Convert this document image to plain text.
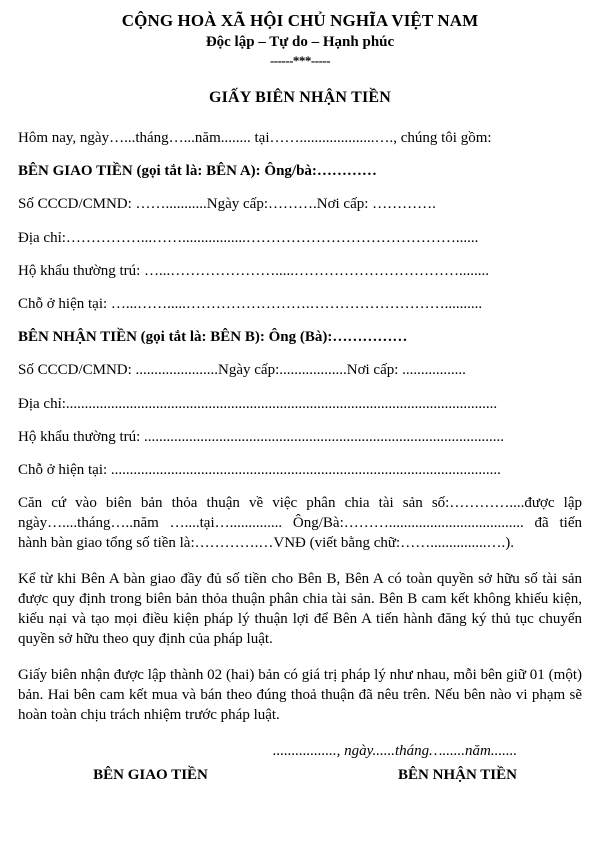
CỘNG HOÀ XÃ HỘI CHỦ NGHĨA VIỆT NAM
Độc lập – Tự do – Hạnh phúc
------***-----
GIẤY BIÊN NHẬN TIỀN
Hôm nay, ngày…...tháng…...năm........ tại……....................…., chúng tôi gồm:
BÊN GIAO TIỀN (gọi tắt là: BÊN A): Ông/bà:…………
Số CCCD/CMND: ……...........Ngày cấp:……….Nơi cấp: ………….
Địa chỉ:……………...…….................……………………………………......
Hộ khẩu thường trú: …...………………….....……………………………........
Chỗ ở hiện tại: …...…….....…………………….………………………..........
BÊN NHẬN TIỀN (gọi tắt là: BÊN B): Ông (Bà):……………
Số CCCD/CMND: ......................Ngày cấp:..................Nơi cấp: .................
Địa chỉ:...................................................................................................................
Hộ khẩu thường trú: ................................................................................................
Chỗ ở hiện tại: ........................................................................................................
Căn cứ vào biên bản thỏa thuận về việc phân chia tài sản số:…………....được lập ngày…....tháng…..năm …....tại….............. Ông/Bà:……….................................... đã tiến hành bàn giao tổng số tiền là:………….…VNĐ (viết bằng chữ:……...............….).
Kể từ khi Bên A bàn giao đầy đủ số tiền cho Bên B, Bên A có toàn quyền sở hữu số tài sản được quy định trong biên bản thỏa thuận phân chia tài sản. Bên B cam kết không khiếu kiện, kiếu nại và tạo mọi điều kiện pháp lý thuận lợi để Bên A tiến hành đăng ký thủ tục chuyển quyền sở hữu theo quy định của pháp luật.
Giấy biên nhận được lập thành 02 (hai) bản có giá trị pháp lý như nhau, mỗi bên giữ 01 (một) bản. Hai bên cam kết mua và bán theo đúng thoả thuận đã nêu trên. Nếu bên nào vi phạm sẽ hoàn toàn chịu trách nhiệm trước pháp luật.
................., ngày......tháng…......năm.......
BÊN GIAO TIỀN	BÊN NHẬN TIỀN
